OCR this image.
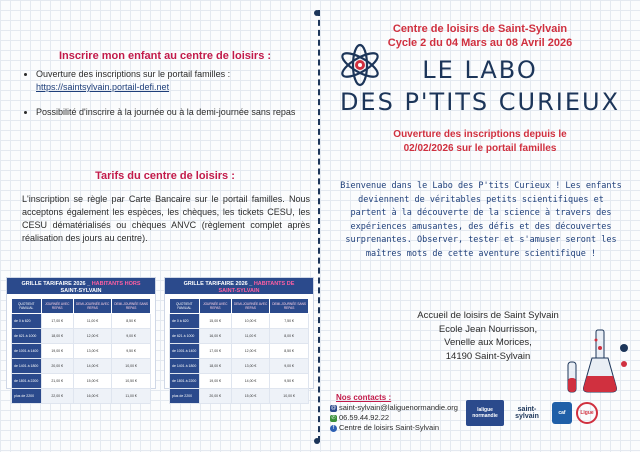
Inscrire mon enfant au centre de loisirs :
• Ouverture des inscriptions sur le portail familles :
https://saintsylvain.portail-defi.net
• Possibilité d'inscrire à la journée ou à la demi-journée sans repas
Tarifs du centre de loisirs :
L'inscription se règle par Carte Bancaire sur le portail familles. Nous acceptons également les espèces, les chèques, les tickets CESU, les CESU dématérialisés ou chèques ANVC (règlement complet après réalisation des jours au centre).
GRILLE TARIFAIRE 2026 _ HABITANTS HORS
SAINT-SYLVAIN
QUOTIENT FAMILIAL	JOURNÉE AVEC REPAS	DEMI-JOURNÉE AVEC REPAS	DEMI-JOURNÉE SANS REPAS
de 0 à 620	17,00 €	11,00 €	8,50 €
de 621 à 1000	18,00 €	12,00 €	9,00 €
de 1001 à 1400	19,00 €	13,00 €	9,50 €
de 1401 à 1800	20,00 €	14,00 €	10,00 €
de 1801 à 2200	21,00 €	15,00 €	10,50 €
plus de 2200	22,00 €	16,00 €	11,00 €
GRILLE TARIFAIRE 2026 _ HABITANTS DE
SAINT-SYLVAIN
QUOTIENT FAMILIAL	JOURNÉE AVEC REPAS	DEMI-JOURNÉE AVEC REPAS	DEMI-JOURNÉE SANS REPAS
de 0 à 620	15,00 €	10,00 €	7,50 €
de 621 à 1000	16,00 €	11,00 €	8,00 €
de 1001 à 1400	17,00 €	12,00 €	8,50 €
de 1401 à 1800	18,00 €	13,00 €	9,00 €
de 1801 à 2200	19,00 €	14,00 €	9,50 €
plus de 2200	20,00 €	15,00 €	10,00 €
Centre de loisirs de Saint-Sylvain
Cycle 2 du 04 Mars au 08 Avril 2026
LE LABO
DES P'TITS CURIEUX
Ouverture des inscriptions depuis le
02/02/2026 sur le portail familles
Bienvenue dans le Labo des P'tits Curieux ! Les enfants deviennent de véritables petits scientifiques et partent à la découverte de la science à travers des expériences amusantes, des défis et des découvertes surprenantes. Observer, tester et s'amuser seront les maîtres mots de cette aventure scientifique !
Accueil de loisirs de Saint Sylvain
Ecole Jean Nourrisson,
Venelle aux Morices,
14190 Saint-Sylvain
Nos contacts :
@ saint-sylvain@laliguenormandie.org
✆ 06.59.44.92.22
f Centre de loisirs Saint-Sylvain
laligue normandie
saint-sylvain	caf	Ligue
